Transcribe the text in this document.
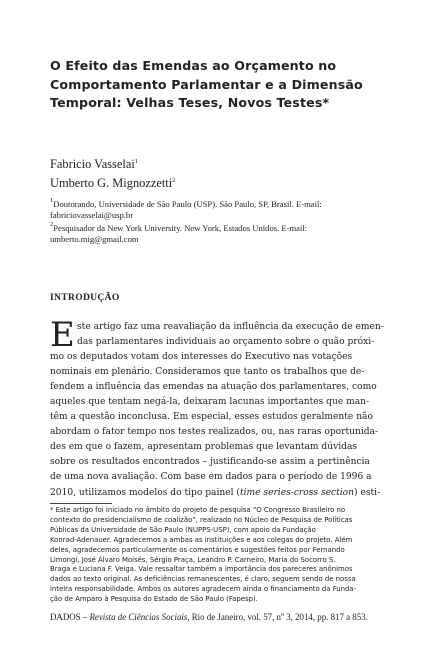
O Efeito das Emendas ao Orçamento no
Comportamento Parlamentar e a Dimensão
Temporal: Velhas Teses, Novos Testes*
Fabricio Vasselai$^1$
Umberto G. Mignozzetti$^2$
$^1$Doutorando, Universidade de São Paulo (USP). São Paulo, SP, Brasil. E-mail:
fabriciovasselai@usp.br
$^2$Pesquisador da New York University. New York, Estados Unidos. E-mail:
umberto.mig@gmail.com
INTRODUÇÃO
E ste artigo faz uma reavaliação da influência da execução de emen-
das parlamentares individuais ao orçamento sobre o quão próxi-
mo os deputados votam dos interesses do Executivo nas votações
nominais em plenário. Consideramos que tanto os trabalhos que de-
fendem a influência das emendas na atuação dos parlamentares, como
aqueles que tentam negá-la, deixaram lacunas importantes que man-
têm a questão inconclusa. Em especial, esses estudos geralmente não
abordam o fator tempo nos testes realizados, ou, nas raras oportunida-
des em que o fazem, apresentam problemas que levantam dúvidas
sobre os resultados encontrados – justificando-se assim a pertinência
de uma nova avaliação. Com base em dados para o período de 1996 a
2010, utilizamos modelos do tipo painel (time series-cross section) esti-
* Este artigo foi iniciado no âmbito do projeto de pesquisa “O Congresso Brasileiro no
contexto do presidencialismo de coalizão”, realizado no Núcleo de Pesquisa de Políticas
Públicas da Universidade de São Paulo (NUPPS-USP), com apoio da Fundação
Konrad-Adenauer. Agradecemos a ambas as instituições e aos colegas do projeto. Além
deles, agradecemos particularmente os comentários e sugestões feitos por Fernando
Limongi, José Álvaro Moisés, Sérgio Praça, Leandro P. Carneiro, Maria do Socorro S.
Braga e Luciana F. Veiga. Vale ressaltar também a importância dos pareceres anônimos
dados ao texto original. As deficiências remanescentes, é claro, seguem sendo de nossa
inteira responsabilidade. Ambos os autores agradecem ainda o financiamento da Funda-
ção de Amparo à Pesquisa do Estado de São Paulo (Fapesp).
DADOS – Revista de Ciências Sociais, Rio de Janeiro, vol. 57, $n^o$ 3, 2014, pp. 817 a 853.
